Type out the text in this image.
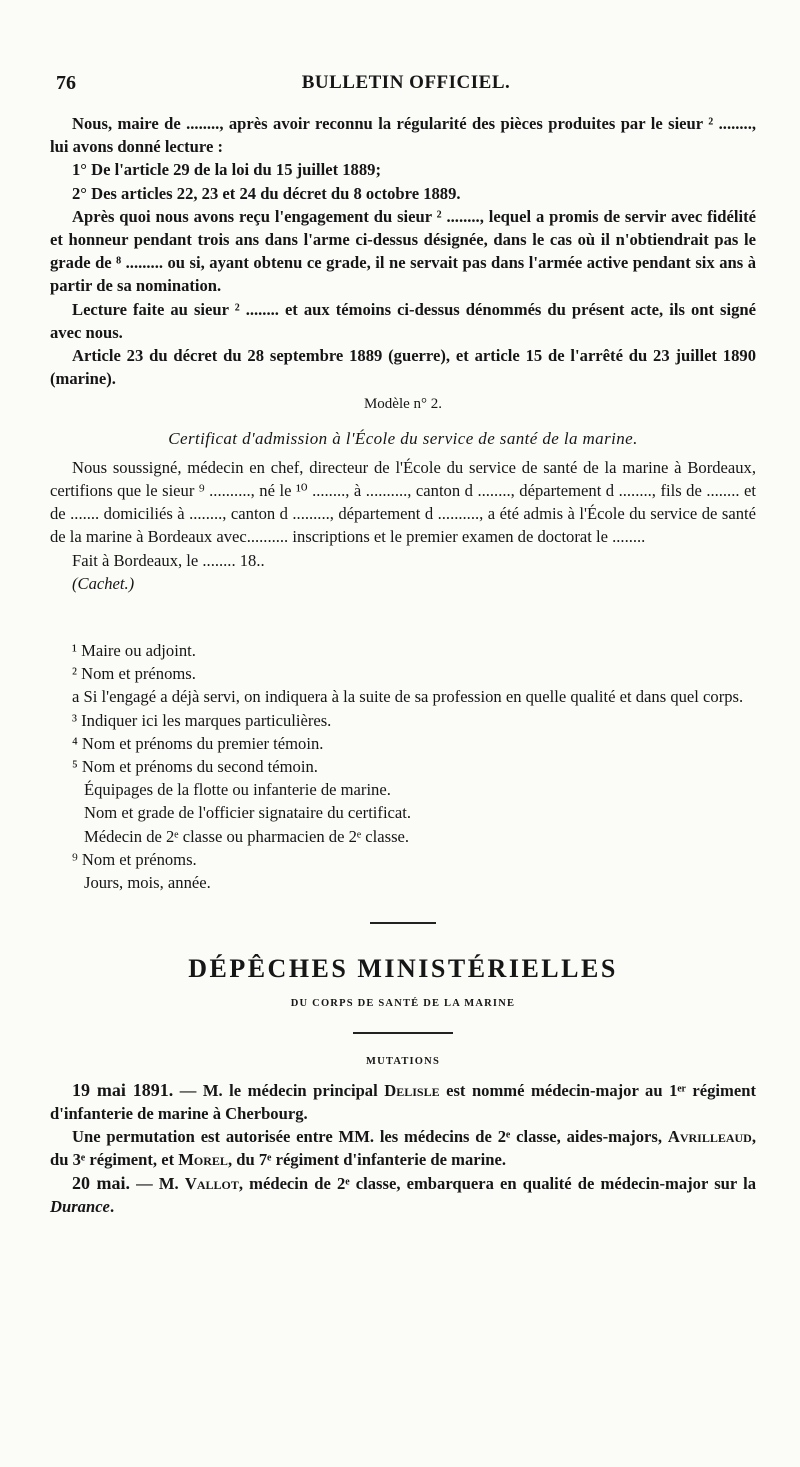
76	BULLETIN OFFICIEL.

Nous, maire de ........, après avoir reconnu la régularité des pièces produites par le sieur ² ........, lui avons donné lecture :

1° De l'article 29 de la loi du 15 juillet 1889;

2° Des articles 22, 23 et 24 du décret du 8 octobre 1889.

Après quoi nous avons reçu l'engagement du sieur ² ........, lequel a promis de servir avec fidélité et honneur pendant trois ans dans l'arme ci-dessus désignée, dans le cas où il n'obtiendrait pas le grade de ⁸ ......... ou si, ayant obtenu ce grade, il ne servait pas dans l'armée active pendant six ans à partir de sa nomination.

Lecture faite au sieur ² ........ et aux témoins ci-dessus dénommés du présent acte, ils ont signé avec nous.

Article 23 du décret du 28 septembre 1889 (guerre), et article 15 de l'arrêté du 23 juillet 1890 (marine).

Modèle n° 2.

Certificat d'admission à l'École du service de santé de la marine.

Nous soussigné, médecin en chef, directeur de l'École du service de santé de la marine à Bordeaux, certifions que le sieur ⁹ .........., né le ¹⁰ ........, à .........., canton d ........, département d ........, fils de ........ et de ....... domiciliés à ........, canton d ........., département d .........., a été admis à l'École du service de santé de la marine à Bordeaux avec.......... inscriptions et le premier examen de doctorat le ........

Fait à Bordeaux, le ........ 18..

(Cachet.)

¹ Maire ou adjoint.

² Nom et prénoms.

a Si l'engagé a déjà servi, on indiquera à la suite de sa profession en quelle qualité et dans quel corps.

³ Indiquer ici les marques particulières.

⁴ Nom et prénoms du premier témoin.

⁵ Nom et prénoms du second témoin.

Équipages de la flotte ou infanterie de marine.

Nom et grade de l'officier signataire du certificat.

Médecin de 2ᵉ classe ou pharmacien de 2ᵉ classe.

⁹ Nom et prénoms.

Jours, mois, année.

DÉPÊCHES MINISTÉRIELLES
DU CORPS DE SANTÉ DE LA MARINE
MUTATIONS

19 mai 1891. — M. le médecin principal Delisle est nommé médecin-major au 1ᵉʳ régiment d'infanterie de marine à Cherbourg.

Une permutation est autorisée entre MM. les médecins de 2ᵉ classe, aides-majors, Avrilleaud, du 3ᵉ régiment, et Morel, du 7ᵉ régiment d'infanterie de marine.

20 mai. — M. Vallot, médecin de 2ᵉ classe, embarquera en qualité de médecin-major sur la Durance.
